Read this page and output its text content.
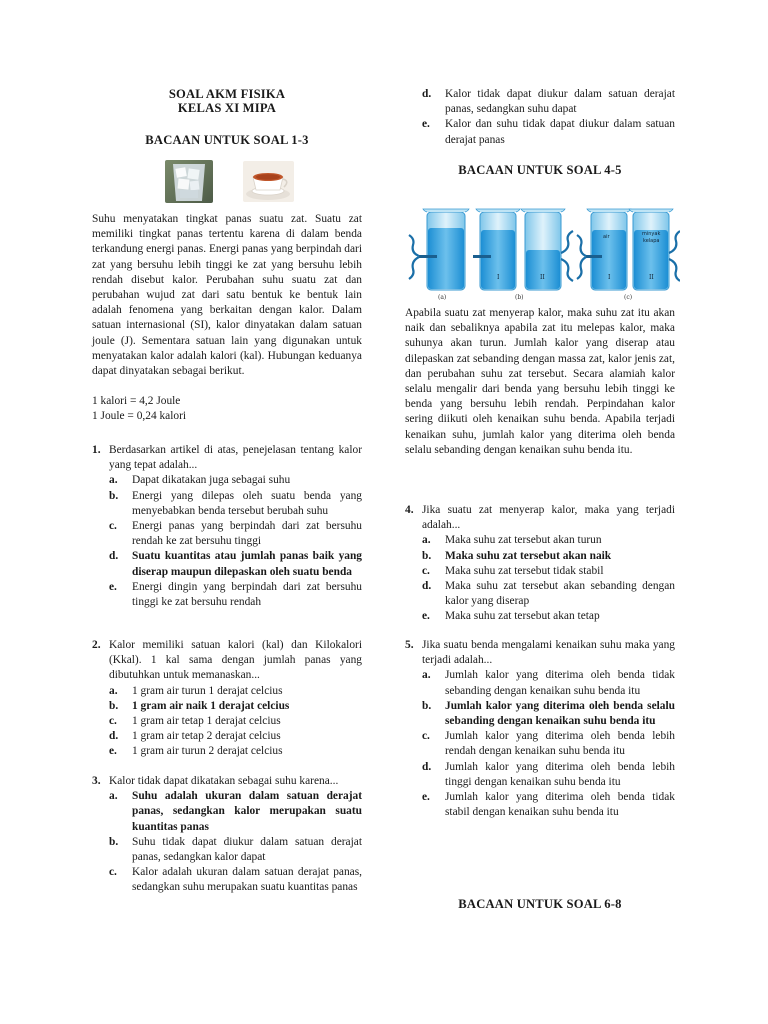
SOAL AKM FISIKA
KELAS XI MIPA
BACAAN UNTUK SOAL 1-3
Suhu menyatakan tingkat panas suatu zat. Suatu zat memiliki tingkat panas tertentu karena di dalam benda terkandung energi panas. Energi panas yang berpindah dari zat yang bersuhu lebih tinggi ke zat yang bersuhu lebih rendah disebut kalor. Perubahan suhu suatu zat dan perubahan wujud zat dari satu bentuk ke bentuk lain adalah fenomena yang berkaitan dengan kalor. Dalam satuan internasional (SI), kalor dinyatakan dalam satuan joule (J). Sementara satuan lain yang digunakan untuk menyatakan kalor adalah kalori (kal). Hubungan keduanya dapat dinyatakan sebagai berikut.
1 kalori = 4,2 Joule
1 Joule = 0,24 kalori
1. Berdasarkan artikel di atas, penejelasan tentang kalor yang tepat adalah...
a. Dapat dikatakan juga sebagai suhu
b. Energi yang dilepas oleh suatu benda yang menyebabkan benda tersebut berubah suhu
c. Energi panas yang berpindah dari zat bersuhu rendah ke zat bersuhu tinggi
d. Suatu kuantitas atau jumlah panas baik yang diserap maupun dilepaskan oleh suatu benda
e. Energi dingin yang berpindah dari zat bersuhu tinggi ke zat bersuhu rendah
2. Kalor memiliki satuan kalori (kal) dan Kilokalori (Kkal). 1 kal sama dengan jumlah panas yang dibutuhkan untuk memanaskan...
a. 1 gram air turun 1 derajat celcius
b. 1 gram air naik 1 derajat celcius
c. 1 gram air tetap 1 derajat celcius
d. 1 gram air tetap 2 derajat celcius
e. 1 gram air turun 2 derajat celcius
3. Kalor tidak dapat dikatakan sebagai suhu karena...
a. Suhu adalah ukuran dalam satuan derajat panas, sedangkan kalor merupakan suatu kuantitas panas
b. Suhu tidak dapat diukur dalam satuan derajat panas, sedangkan kalor dapat
c. Kalor adalah ukuran dalam satuan derajat panas, sedangkan suhu merupakan suatu kuantitas panas
d. Kalor tidak dapat diukur dalam satuan derajat panas, sedangkan suhu dapat
e. Kalor dan suhu tidak dapat diukur dalam satuan derajat panas
BACAAN UNTUK SOAL 4-5
air	minyak
kelapa
I	II	I	II
(a)	(b)	(c)
Apabila suatu zat menyerap kalor, maka suhu zat itu akan naik dan sebaliknya apabila zat itu melepas kalor, maka suhunya akan turun. Jumlah kalor yang diserap atau dilepaskan zat sebanding dengan massa zat, kalor jenis zat, dan perubahan suhu zat tersebut. Secara alamiah kalor selalu mengalir dari benda yang bersuhu lebih tinggi ke benda yang bersuhu lebih rendah. Perpindahan kalor sering diikuti oleh kenaikan suhu benda. Apabila terjadi kenaikan suhu, jumlah kalor yang diterima oleh benda selalu sebanding dengan kenaikan suhu benda itu.
4. Jika suatu zat menyerap kalor, maka yang terjadi adalah...
a. Maka suhu zat tersebut akan turun
b. Maka suhu zat tersebut akan naik
c. Maka suhu zat tersebut tidak stabil
d. Maka suhu zat tersebut akan sebanding dengan kalor yang diserap
e. Maka suhu zat tersebut akan tetap
5. Jika suatu benda mengalami kenaikan suhu maka yang terjadi adalah...
a. Jumlah kalor yang diterima oleh benda tidak sebanding dengan kenaikan suhu benda itu
b. Jumlah kalor yang diterima oleh benda selalu sebanding dengan kenaikan suhu benda itu
c. Jumlah kalor yang diterima oleh benda lebih rendah dengan kenaikan suhu benda itu
d. Jumlah kalor yang diterima oleh benda lebih tinggi dengan kenaikan suhu benda itu
e. Jumlah kalor yang diterima oleh benda tidak stabil dengan kenaikan suhu benda itu
BACAAN UNTUK SOAL 6-8
